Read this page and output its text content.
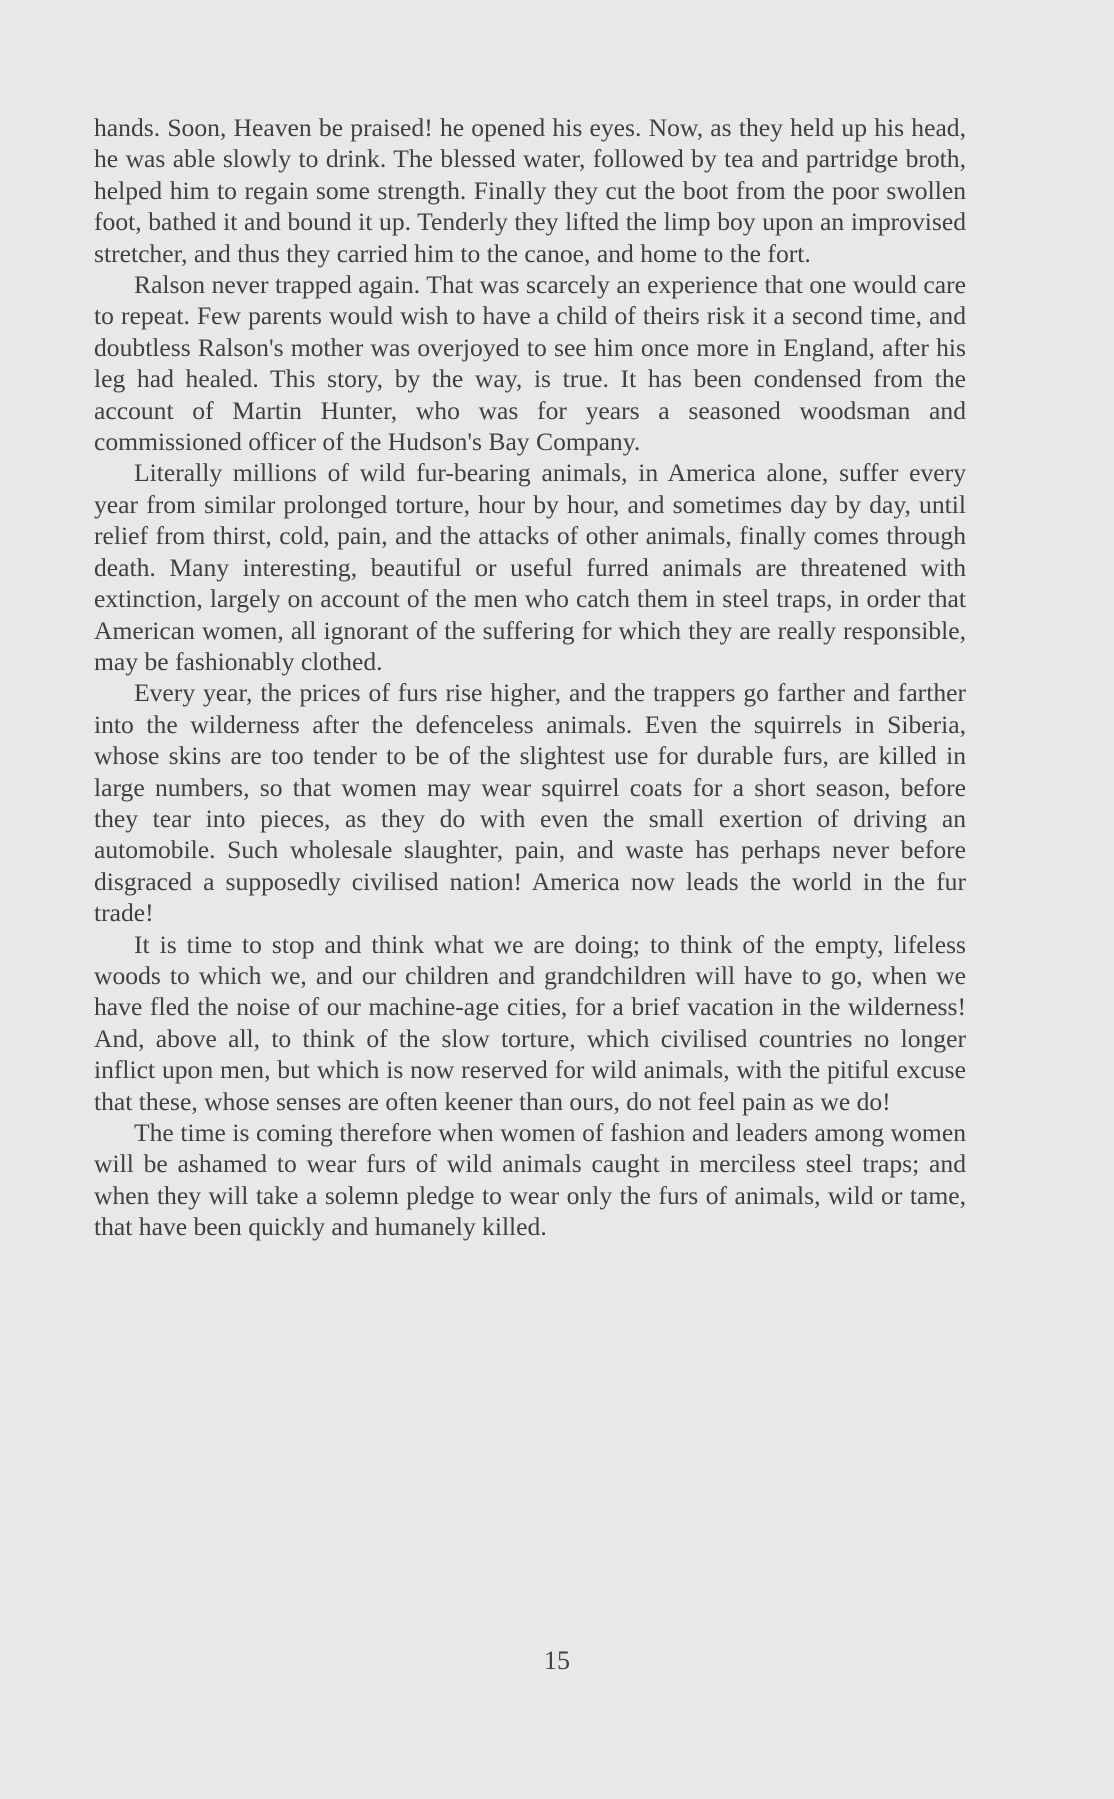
hands. Soon, Heaven be praised! he opened his eyes. Now, as they held up his head, he was able slowly to drink. The blessed water, followed by tea and partridge broth, helped him to regain some strength. Finally they cut the boot from the poor swollen foot, bathed it and bound it up. Tenderly they lifted the limp boy upon an improvised stretcher, and thus they carried him to the canoe, and home to the fort.

Ralson never trapped again. That was scarcely an experience that one would care to repeat. Few parents would wish to have a child of theirs risk it a second time, and doubtless Ralson's mother was overjoyed to see him once more in England, after his leg had healed. This story, by the way, is true. It has been condensed from the account of Martin Hunter, who was for years a seasoned woodsman and commissioned officer of the Hudson's Bay Company.

Literally millions of wild fur-bearing animals, in America alone, suffer every year from similar prolonged torture, hour by hour, and sometimes day by day, until relief from thirst, cold, pain, and the attacks of other animals, finally comes through death. Many interesting, beautiful or useful furred animals are threatened with extinction, largely on account of the men who catch them in steel traps, in order that American women, all ignorant of the suffering for which they are really responsible, may be fashionably clothed.

Every year, the prices of furs rise higher, and the trappers go farther and farther into the wilderness after the defenceless animals. Even the squirrels in Siberia, whose skins are too tender to be of the slightest use for durable furs, are killed in large numbers, so that women may wear squirrel coats for a short season, before they tear into pieces, as they do with even the small exertion of driving an automobile. Such wholesale slaughter, pain, and waste has perhaps never before disgraced a supposedly civilised nation! America now leads the world in the fur trade!

It is time to stop and think what we are doing; to think of the empty, lifeless woods to which we, and our children and grandchildren will have to go, when we have fled the noise of our machine-age cities, for a brief vacation in the wilderness! And, above all, to think of the slow torture, which civilised countries no longer inflict upon men, but which is now reserved for wild animals, with the pitiful excuse that these, whose senses are often keener than ours, do not feel pain as we do!

The time is coming therefore when women of fashion and leaders among women will be ashamed to wear furs of wild animals caught in merciless steel traps; and when they will take a solemn pledge to wear only the furs of animals, wild or tame, that have been quickly and humanely killed.

15
